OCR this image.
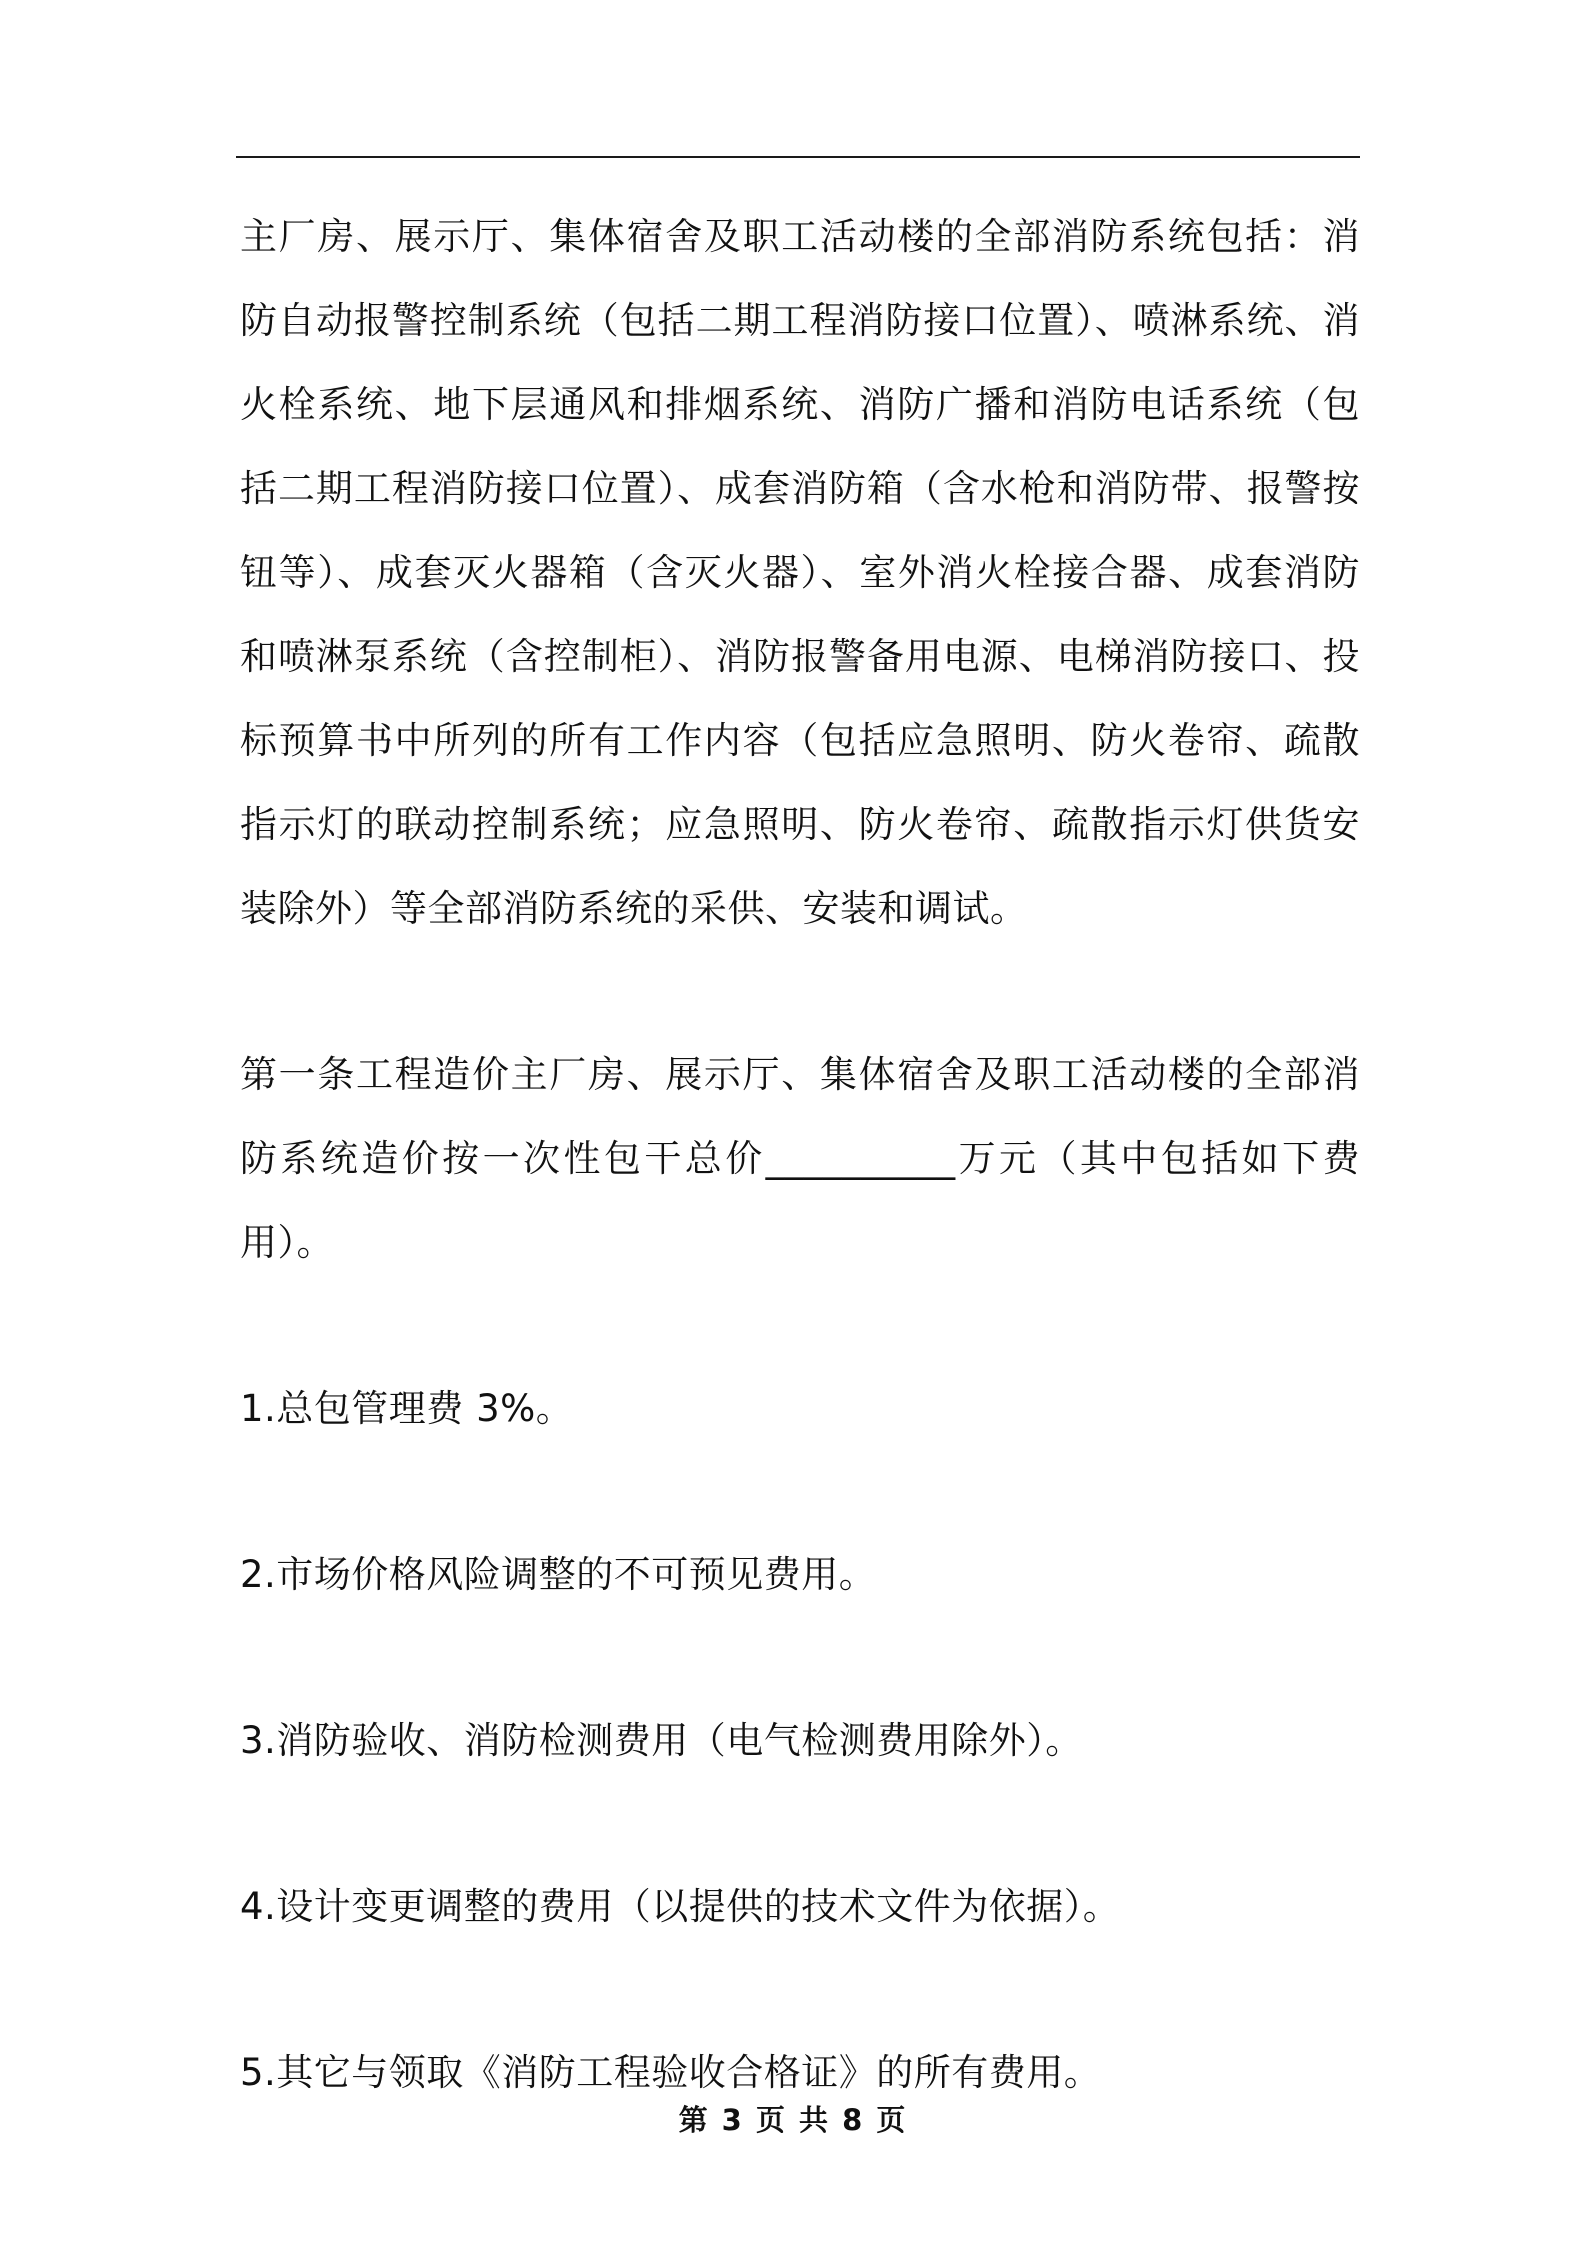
主厂房、展示厅、集体宿舍及职工活动楼的全部消防系统包括：消防自动报警控制系统（包括二期工程消防接口位置）、喷淋系统、消火栓系统、地下层通风和排烟系统、消防广播和消防电话系统（包括二期工程消防接口位置）、成套消防箱（含水枪和消防带、报警按钮等）、成套灭火器箱（含灭火器）、室外消火栓接合器、成套消防和喷淋泵系统（含控制柜）、消防报警备用电源、电梯消防接口、投标预算书中所列的所有工作内容（包括应急照明、防火卷帘、疏散指示灯的联动控制系统；应急照明、防火卷帘、疏散指示灯供货安装除外）等全部消防系统的采供、安装和调试。

第一条工程造价主厂房、展示厅、集体宿舍及职工活动楼的全部消防系统造价按一次性包干总价__________万元（其中包括如下费用）。

1.总包管理费 3%。

2.市场价格风险调整的不可预见费用。

3.消防验收、消防检测费用（电气检测费用除外）。

4.设计变更调整的费用（以提供的技术文件为依据）。

5.其它与领取《消防工程验收合格证》的所有费用。

第 3 页 共 8 页
